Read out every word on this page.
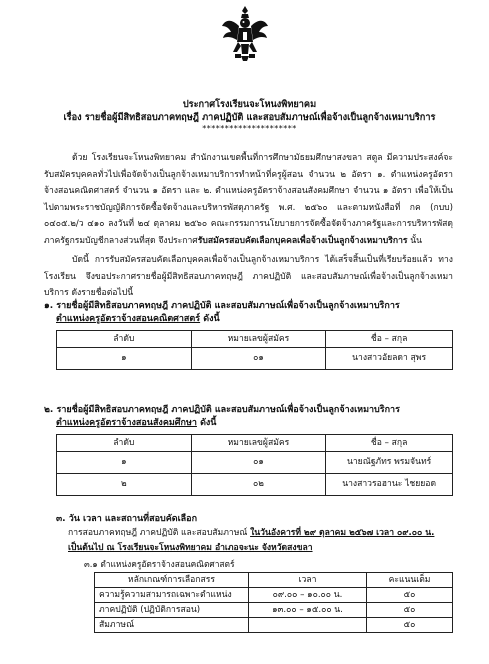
ประกาศโรงเรียนจะโหนงพิทยาคม
เรื่อง รายชื่อผู้มีสิทธิสอบภาคทฤษฎี ภาคปฏิบัติ และสอบสัมภาษณ์เพื่อจ้างเป็นลูกจ้างเหมาบริการ
*********************

ด้วย โรงเรียนจะโหนงพิทยาคม สำนักงานเขตพื้นที่การศึกษามัธยมศึกษาสงขลา สตูล มีความประสงค์จะรับสมัครบุคคลทั่วไปเพื่อจัดจ้างเป็นลูกจ้างเหมาบริการทำหน้าที่ครูผู้สอน จำนวน ๒ อัตรา ๑. ตำแหน่งครูอัตราจ้างสอนคณิตศาสตร์ จำนวน ๑ อัตรา และ ๒. ตำแหน่งครูอัตราจ้างสอนสังคมศึกษา จำนวน ๑ อัตรา เพื่อให้เป็นไปตามพระราชบัญญัติการจัดซื้อจัดจ้างและบริหารพัสดุภาครัฐ พ.ศ. ๒๕๖๐ และตามหนังสือที่ กค (กบบ) ๐๔๐๕.๒/ว ๔๑๐ ลงวันที่ ๒๔ ตุลาคม ๒๕๖๐ คณะกรรมการนโยบายการจัดซื้อจัดจ้างภาครัฐและการบริหารพัสดุภาครัฐกรมบัญชีกลางส่วนที่สุด จึงประกาศรับสมัครสอบคัดเลือกบุคคลเพื่อจ้างเป็นลูกจ้างเหมาบริการ นั้น

บัดนี้ การรับสมัครสอบคัดเลือกบุคคลเพื่อจ้างเป็นลูกจ้างเหมาบริการ ได้เสร็จสิ้นเป็นที่เรียบร้อยแล้ว ทางโรงเรียน จึงขอประกาศรายชื่อผู้มีสิทธิสอบภาคทฤษฎี ภาคปฏิบัติ และสอบสัมภาษณ์เพื่อจ้างเป็นลูกจ้างเหมาบริการ ดังรายชื่อต่อไปนี้

๑. รายชื่อผู้มีสิทธิสอบภาคทฤษฎี ภาคปฏิบัติ และสอบสัมภาษณ์เพื่อจ้างเป็นลูกจ้างเหมาบริการ
ตำแหน่งครูอัตราจ้างสอนคณิตศาสตร์ ดังนี้
ลำดับ	หมายเลขผู้สมัคร	ชื่อ – สกุล
๑	๐๑	นางสาวอัยลดา สุพร
๒. รายชื่อผู้มีสิทธิสอบภาคทฤษฎี ภาคปฏิบัติ และสอบสัมภาษณ์เพื่อจ้างเป็นลูกจ้างเหมาบริการ
ตำแหน่งครูอัตราจ้างสอนสังคมศึกษา ดังนี้
ลำดับ	หมายเลขผู้สมัคร	ชื่อ – สกุล
๑	๐๑	นายณัฐภัทร พรมจันทร์
๒	๐๒	นางสาวรอฮานะ ไชยยอด
๓. วัน เวลา และสถานที่สอบคัดเลือก

การสอบภาคทฤษฎี ภาคปฏิบัติ และสอบสัมภาษณ์ ในวันอังคารที่ ๒๙ ตุลาคม ๒๕๖๗ เวลา ๐๙.๐๐ น. เป็นต้นไป ณ โรงเรียนจะโหนงพิทยาคม อำเภอจะนะ จังหวัดสงขลา

๓.๑ ตำแหน่งครูอัตราจ้างสอนคณิตศาสตร์
หลักเกณฑ์การเลือกสรร	เวลา	คะแนนเต็ม
ความรู้ความสามารถเฉพาะตำแหน่ง	๐๙.๐๐ – ๑๐.๐๐ น.	๕๐
ภาคปฏิบัติ (ปฏิบัติการสอน)	๑๓.๐๐ – ๑๕.๐๐ น.	๕๐
สัมภาษณ์		๕๐
